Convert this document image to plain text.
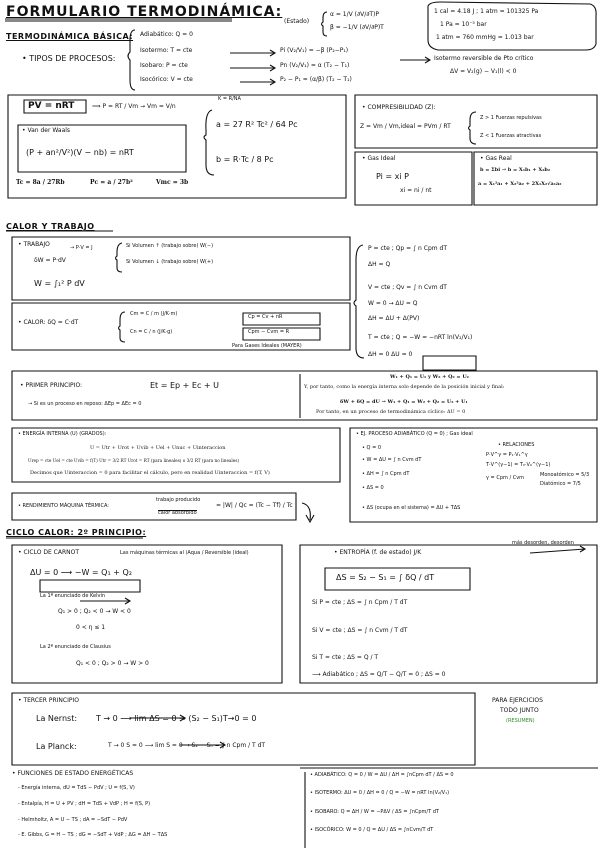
FORMULARIO TERMODINÁMICA:	1 cal = 4.18 J ; 1 atm = 101325 Pa
1 Pa = 10⁻⁵ bar
1 atm = 760 mmHg = 1.013 bar
TERMODINÁMICA BÁSICA:
• TIPOS DE PROCESOS:
Adiabático: Q = 0
Isotermo: T = cte
Isobaro: P = cte
Isocórico: V = cte
Pi (V₂/V₁) = −β (P₂−P₁)
Pn (V₂/V₁) = α (T₂ − T₁)
P₂ − P₁ = (α/β) (T₂ − T₁)
(Estado)
α = 1/V (∂V/∂T)P
β = −1/V (∂V/∂P)T
Isotermo reversible de Pto crítico
ΔV = V₂(g) − V₁(l) < 0
PV = nRT	⟹ P = RT / Vm → Vm = V/n
K = R/NA
• Van der Waals
(P + an²/V²)(V − nb) = nRT
a = 27 R² Tc² / 64 Pc
b = R·Tc / 8 Pc
Tc = 8a / 27Rb	Pc = a / 27b²	Vmc = 3b
• COMPRESIBILIDAD (Z):
Z = Vm / Vm,ideal = PVm / RT
Z > 1 Fuerzas repulsivas
Z < 1 Fuerzas atractivas
• Gas Ideal
Pi = xi P
xi = ni / nt
• Gas Real
b = Σbi → b = X₁b₁ + X₂b₂
a = X₁²a₁ + X₂²a₂ + 2X₁X₂√a₁a₂
CALOR Y TRABAJO
• TRABAJO
δW = P·dV
→ P·V = J	Si Volumen ↑ (trabajo sobre) W(−)
Si Volumen ↓ (trabajo sobre) W(+)
W = ∫₁² P dV
• CALOR: δQ = C·dT
Cm = C / m (J/K·m)
Cn = C / n (J/K·g)
Cp = Cv + nR
Cpm − Cvm = R
Para Gases Ideales (MAYER)
P = cte ; Qp = ∫ n Cpm dT
ΔH = Q
V = cte ; Qv = ∫ n Cvm dT
W = 0 → ΔU = Q
ΔH = ΔU + Δ(PV)
T = cte ; Q = −W = −nRT ln(V₂/V₁)
ΔH = 0 ΔU = 0
• PRIMER PRINCIPIO:	Et = Ep + Ec + U
→ Si es un proceso en reposo: ΔEp = ΔEc = 0
W₁ + Q₁ = U₁ y W₂ + Q₂ = U₂
Y, por tanto, como la energía interna solo depende de la posición inicial y final:
δW + δQ = dU → W₁ + Q₁ = W₂ + Q₂ = U₂ + U₁
Por tanto, en un proceso de termodinámica cíclico: ΔU = 0
• ENERGÍA INTERNA (U) (GRADOS):
U = Utr + Urot + Uvib + Uel + Unuc + Uinteraccion
Urep = cte Uel = cte Uvib = f(T) Utr = 3/2 RT Urot = RT (para lineales) o 3/2 RT (para no lineales)
Decimos que Uinteraccion = 0 para facilitar el cálculo, pero en realidad Uinteraccion = f(T, V)
• EJ. PROCESO ADIABÁTICO (Q = 0) ; Gas ideal
• Q = 0
• W = ΔU = ∫ n Cvm dT
• ΔH = ∫ n Cpm dT
• ΔS = 0
• RELACIONES
P·V^γ = P₁·V₁^γ
T·V^(γ−1) = T₀·V₀^(γ−1)
γ = Cpm / Cvm	Monoatómico = 5/3
Diatómico = 7/5
• ΔS (ocupa en el sistema) = ΔU + TΔS
• RENDIMIENTO MÁQUINA TÉRMICA:
trabajo producido
calor absorbido
= |W| / Qc = (Tc − Tf) / Tc
CICLO CALOR: 2º PRINCIPIO:
• CICLO DE CARNOT	Las máquinas térmicas al ⟨Aqua / Reversible (ideal)
ΔU = 0 ⟶ −W = Q₁ + Q₂
La 1ª enunciado de Kelvin
Q₁ > 0 ; Q₂ < 0 → W < 0
0 < η ≤ 1
La 2ª enunciado de Clausius
Q₁ < 0 ; Q₂ > 0 → W > 0
• ENTROPÍA (f. de estado) J/K
más desorden, desorden
ΔS = S₂ − S₁ = ∫ δQ / dT
Si P = cte ; ΔS = ∫ n Cpm / T dT
Si V = cte ; ΔS = ∫ n Cvm / T dT
Si T = cte ; ΔS = Q / T
⟶ Adiabático ; ΔS = Q/T − Q/T = 0 ; ΔS = 0
• TERCER PRINCIPIO
La Nernst: T → 0 ⟶ lim ΔS = 0 → (S₂ − S₁)T→0 = 0
La Planck:	T → 0 S = 0 ⟶ lim S = 0 → S₂ − S₀ = ∫ n Cpm / T dT
PARA EJERCICIOS
TODO JUNTO
(RESUMEN)
• FUNCIONES DE ESTADO ENERGÉTICAS
- Energía interna, dU = TdS − PdV ; U = f(S, V)
- Entalpía, H = U + PV ; dH = TdS + VdP ; H = f(S, P)
- Helmholtz, A = U − TS ; dA = −SdT − PdV
- E. Gibbs, G = H − TS ; dG = −SdT + VdP ; ΔG = ΔH − TΔS
• ADIABÁTICO: Q = 0 / W = ΔU / ΔH = ∫nCpm dT / ΔS = 0
• ISOTERMO: ΔU = 0 / ΔH = 0 / Q = −W = nRT ln(V₂/V₁)
• ISOBARO: Q = ΔH / W = −PΔV / ΔS = ∫nCpm/T dT
• ISOCÓRICO: W = 0 / Q = ΔU / ΔS = ∫nCvm/T dT
